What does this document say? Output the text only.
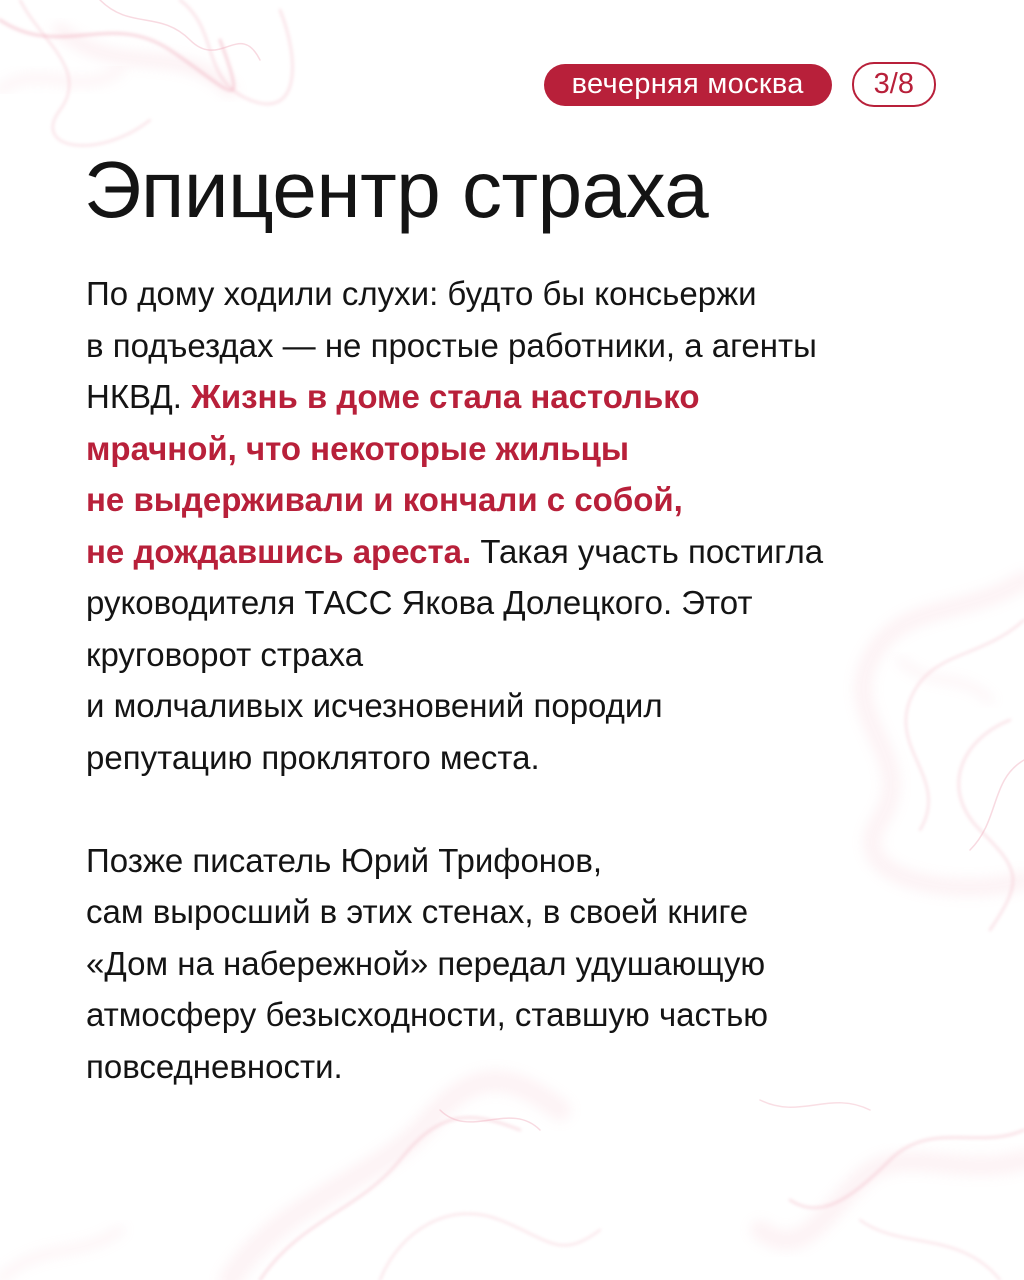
вечерняя москва	3/8
Эпицентр страха

По дому ходили слухи: будто бы консьержи
в подъездах — не простые работники, а агенты
НКВД. Жизнь в доме стала настолько
мрачной, что некоторые жильцы
не выдерживали и кончали с собой,
не дождавшись ареста. Такая участь постигла
руководителя ТАСС Якова Долецкого. Этот
круговорот страха
и молчаливых исчезновений породил
репутацию проклятого места.

Позже писатель Юрий Трифонов,
сам выросший в этих стенах, в своей книге
«Дом на набережной» передал удушающую
атмосферу безысходности, ставшую частью
повседневности.
